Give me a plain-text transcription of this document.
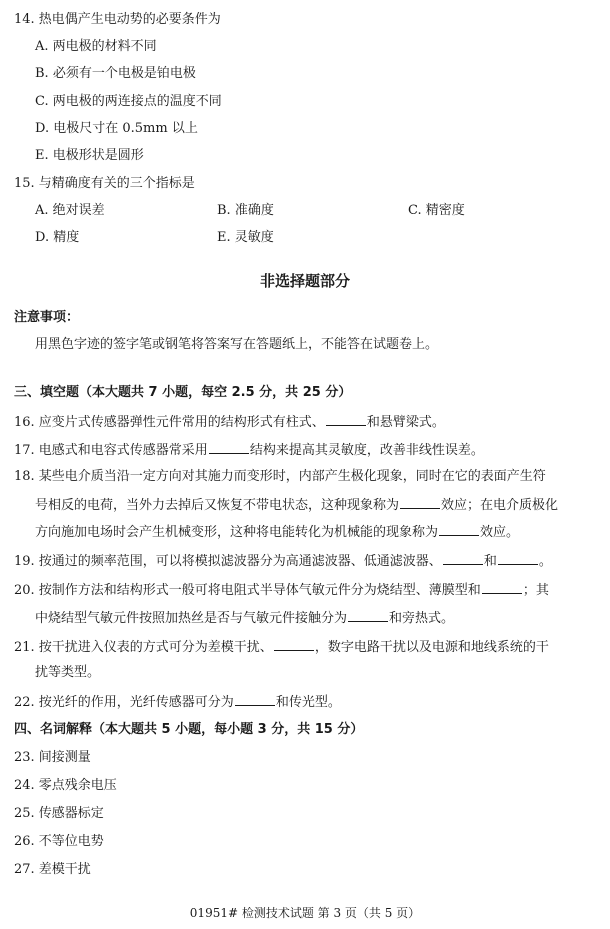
14. 热电偶产生电动势的必要条件为
A. 两电极的材料不同
B. 必须有一个电极是铂电极
C. 两电极的两连接点的温度不同
D. 电极尺寸在 0.5mm 以上
E. 电极形状是圆形
15. 与精确度有关的三个指标是
A. 绝对误差	B. 准确度	C. 精密度
D. 精度	E. 灵敏度
非选择题部分
注意事项：
用黑色字迹的签字笔或钢笔将答案写在答题纸上，不能答在试题卷上。
三、填空题（本大题共 7 小题，每空 2.5 分，共 25 分）
16. 应变片式传感器弹性元件常用的结构形式有柱式、	和悬臂梁式。
17. 电感式和电容式传感器常采用	结构来提高其灵敏度，改善非线性误差。
18. 某些电介质当沿一定方向对其施力而变形时，内部产生极化现象，同时在它的表面产生符
号相反的电荷，当外力去掉后又恢复不带电状态，这种现象称为	效应；在电介质极化
方向施加电场时会产生机械变形，这种将电能转化为机械能的现象称为	效应。
19. 按通过的频率范围，可以将模拟滤波器分为高通滤波器、低通滤波器、	和	。
20. 按制作方法和结构形式一般可将电阻式半导体气敏元件分为烧结型、薄膜型和	；其
中烧结型气敏元件按照加热丝是否与气敏元件接触分为	和旁热式。
21. 按干扰进入仪表的方式可分为差模干扰、	，数字电路干扰以及电源和地线系统的干
扰等类型。
22. 按光纤的作用，光纤传感器可分为	和传光型。
四、名词解释（本大题共 5 小题，每小题 3 分，共 15 分）
23. 间接测量
24. 零点残余电压
25. 传感器标定
26. 不等位电势
27. 差模干扰
01951# 检测技术试题 第 3 页（共 5 页）
